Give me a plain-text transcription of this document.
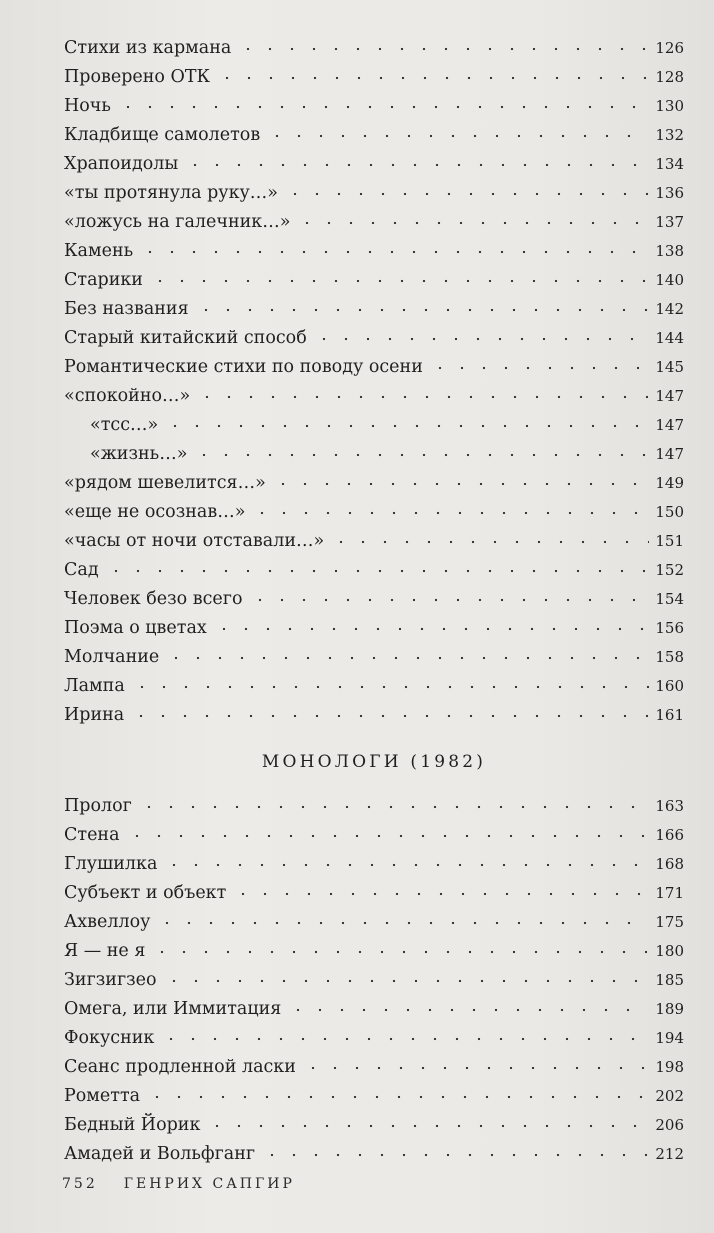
Стихи из кармана	126
Проверено ОТК	128
Ночь	130
Кладбище самолетов	132
Храпоидолы	134
«ты протянула руку…»	136
«ложусь на галечник…»	137
Камень	138
Старики	140
Без названия	142
Старый китайский способ	144
Романтические стихи по поводу осени	145
«спокойно…»	147
«тсс…»	147
«жизнь…»	147
«рядом шевелится…»	149
«еще не осознав…»	150
«часы от ночи отставали…»	151
Сад	152
Человек безо всего	154
Поэма о цветах	156
Молчание	158
Лампа	160
Ирина	161
МОНОЛОГИ (1982)
Пролог	163
Стена	166
Глушилка	168
Субъект и объект	171
Ахвеллоу	175
Я — не я	180
Зигзигзео	185
Омега, или Иммитация	189
Фокусник	194
Сеанс продленной ласки	198
Рометта	202
Бедный Йорик	206
Амадей и Вольфганг	212
752 ГЕНРИХ САПГИР
